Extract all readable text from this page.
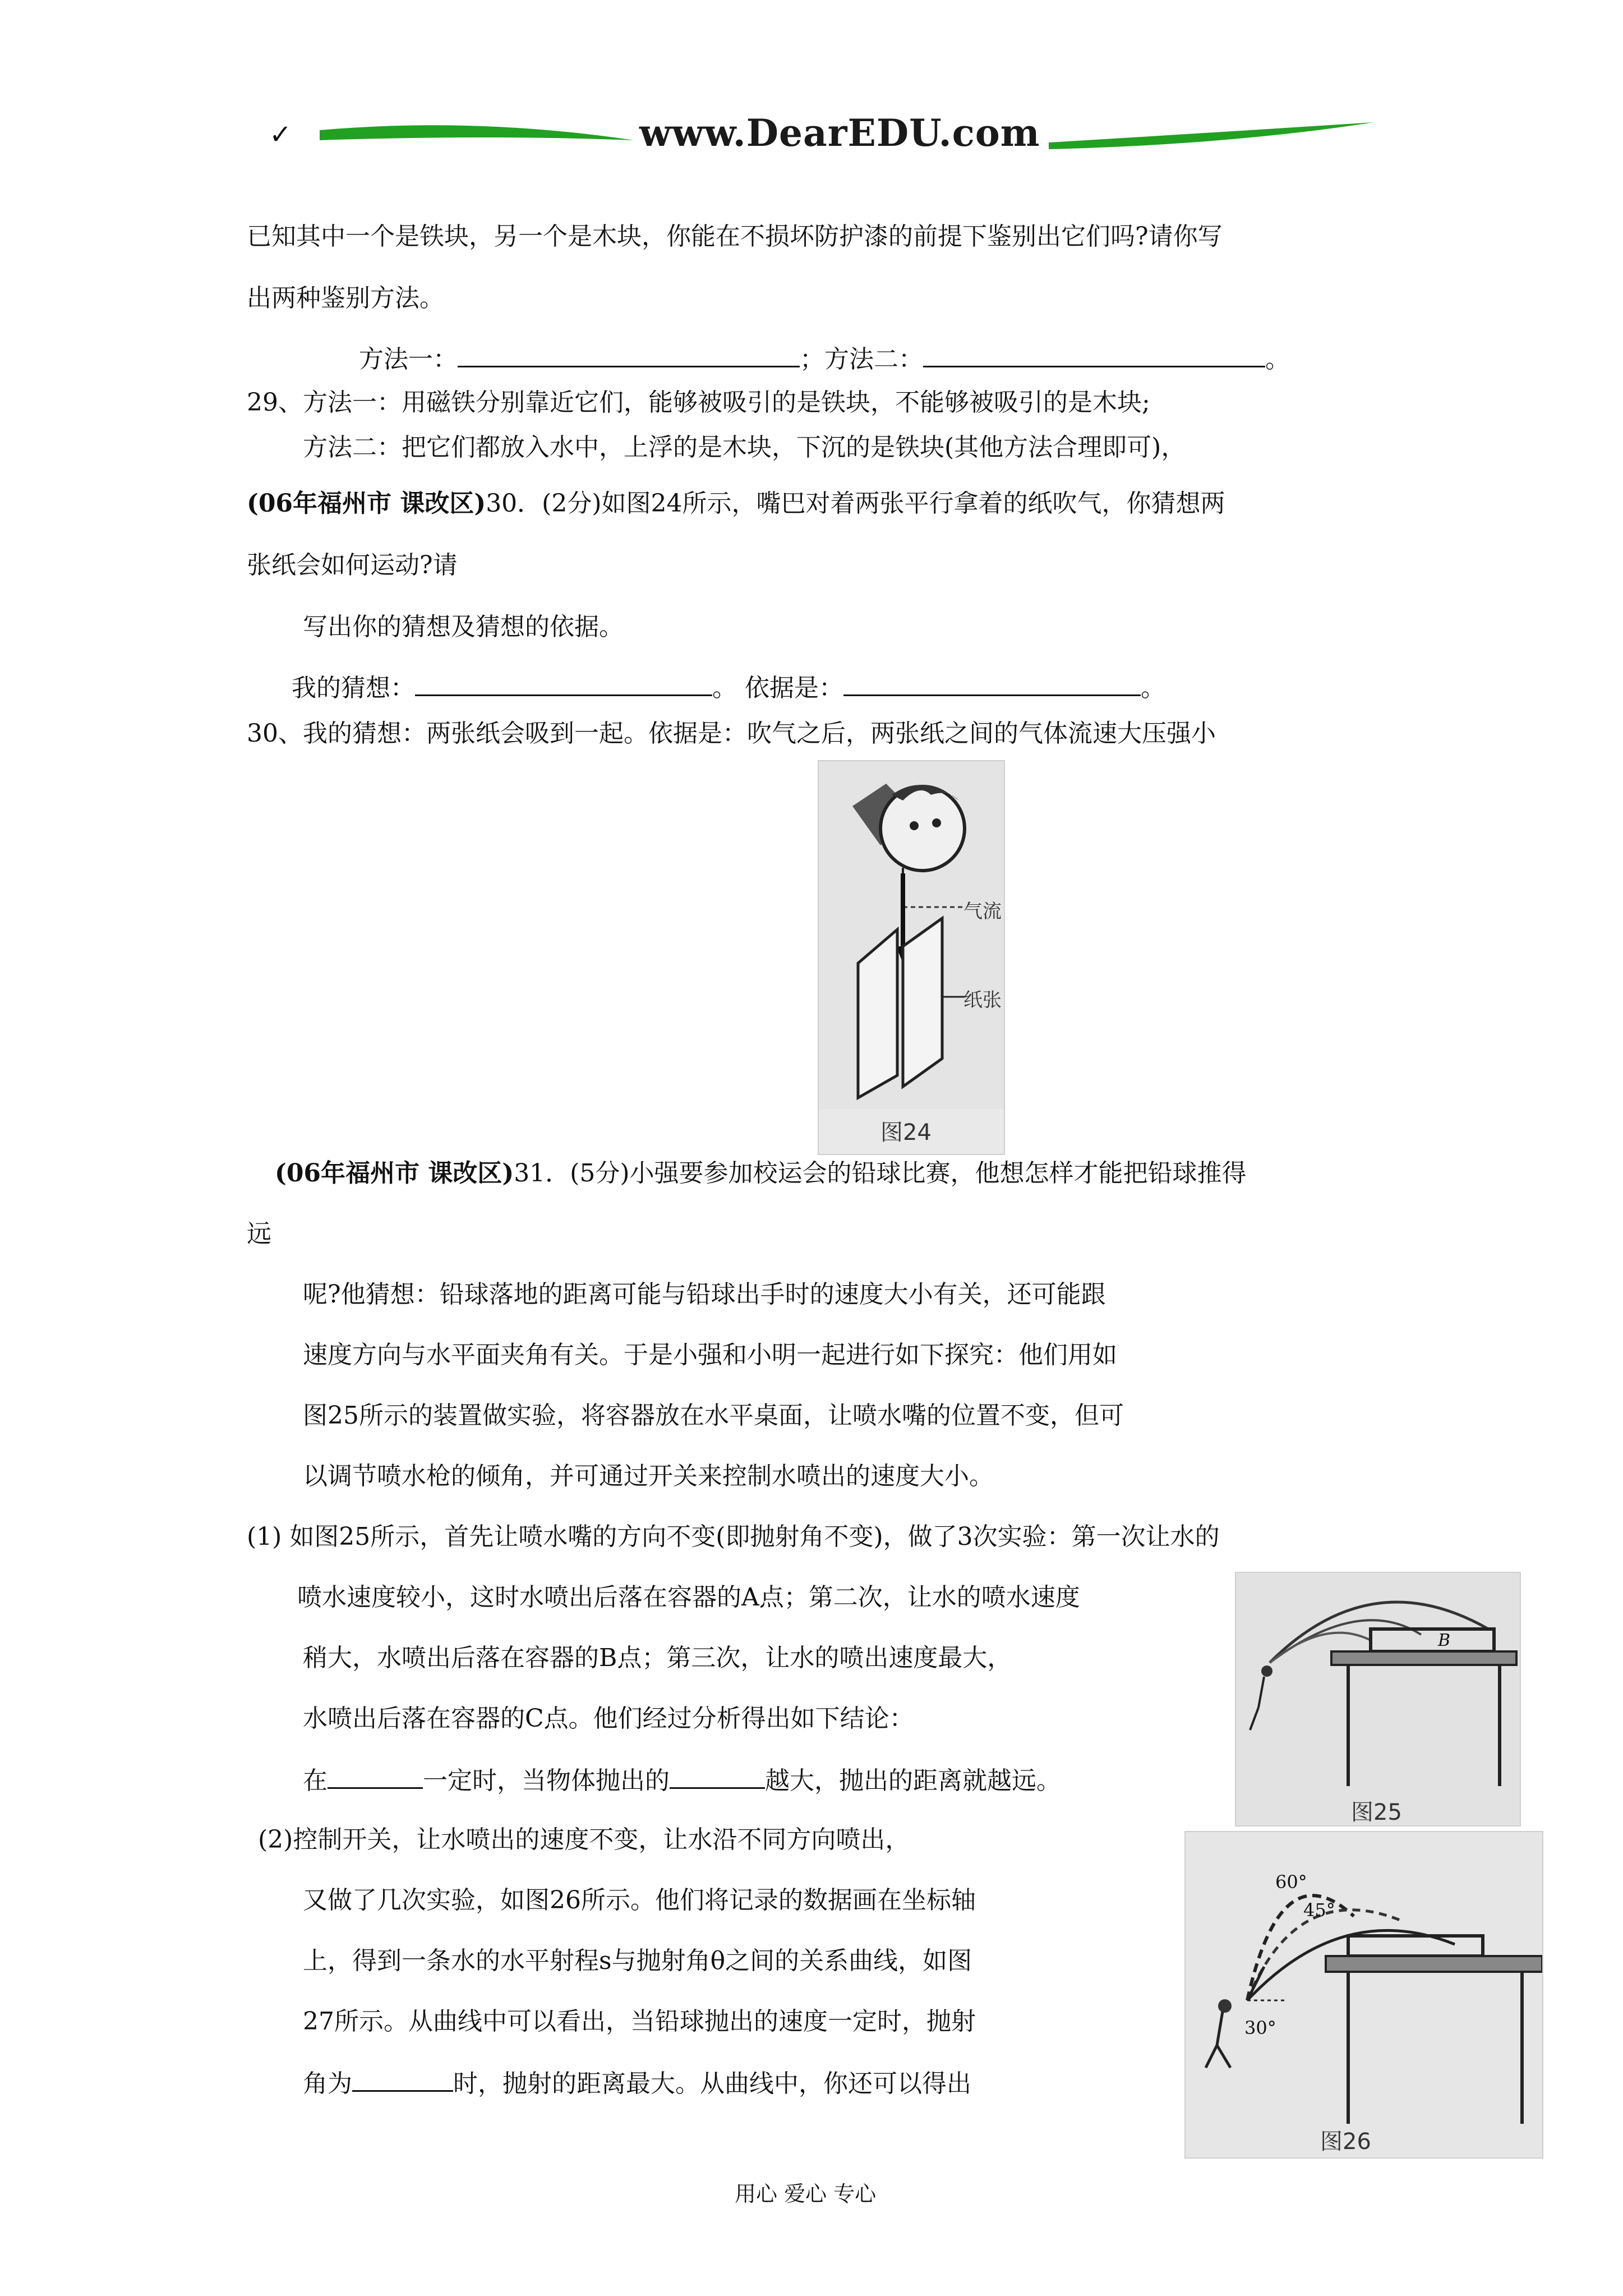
✓	www.DearEDU.com
已知其中一个是铁块，另一个是木块，你能在不损坏防护漆的前提下鉴别出它们吗?请你写
出两种鉴别方法。
方法一：	；方法二：	。
29、方法一：用磁铁分别靠近它们，能够被吸引的是铁块，不能够被吸引的是木块;
方法二：把它们都放入水中，上浮的是木块，下沉的是铁块(其他方法合理即可)，
(06年福州市 课改区)30．(2分)如图24所示，嘴巴对着两张平行拿着的纸吹气，你猜想两
张纸会如何运动?请
写出你的猜想及猜想的依据。
我的猜想：	。 依据是：	。
30、我的猜想：两张纸会吸到一起。依据是：吹气之后，两张纸之间的气体流速大压强小
气流
纸张
图24
(06年福州市 课改区)31．(5分)小强要参加校运会的铅球比赛，他想怎样才能把铅球推得
远
呢?他猜想：铅球落地的距离可能与铅球出手时的速度大小有关，还可能跟
速度方向与水平面夹角有关。于是小强和小明一起进行如下探究：他们用如
图25所示的装置做实验，将容器放在水平桌面，让喷水嘴的位置不变，但可
以调节喷水枪的倾角，并可通过开关来控制水喷出的速度大小。
(1) 如图25所示，首先让喷水嘴的方向不变(即抛射角不变)，做了3次实验：第一次让水的
喷水速度较小，这时水喷出后落在容器的A点；第二次，让水的喷水速度
稍大，水喷出后落在容器的B点；第三次，让水的喷出速度最大，
水喷出后落在容器的C点。他们经过分析得出如下结论：
在	一定时，当物体抛出的	越大，抛出的距离就越远。
(2)控制开关，让水喷出的速度不变，让水沿不同方向喷出，
又做了几次实验，如图26所示。他们将记录的数据画在坐标轴
上，得到一条水的水平射程s与抛射角θ之间的关系曲线，如图
27所示。从曲线中可以看出，当铅球抛出的速度一定时，抛射
角为	时，抛射的距离最大。从曲线中，你还可以得出
B
图25
60°
45°
30°
图26
用心 爱心 专心
